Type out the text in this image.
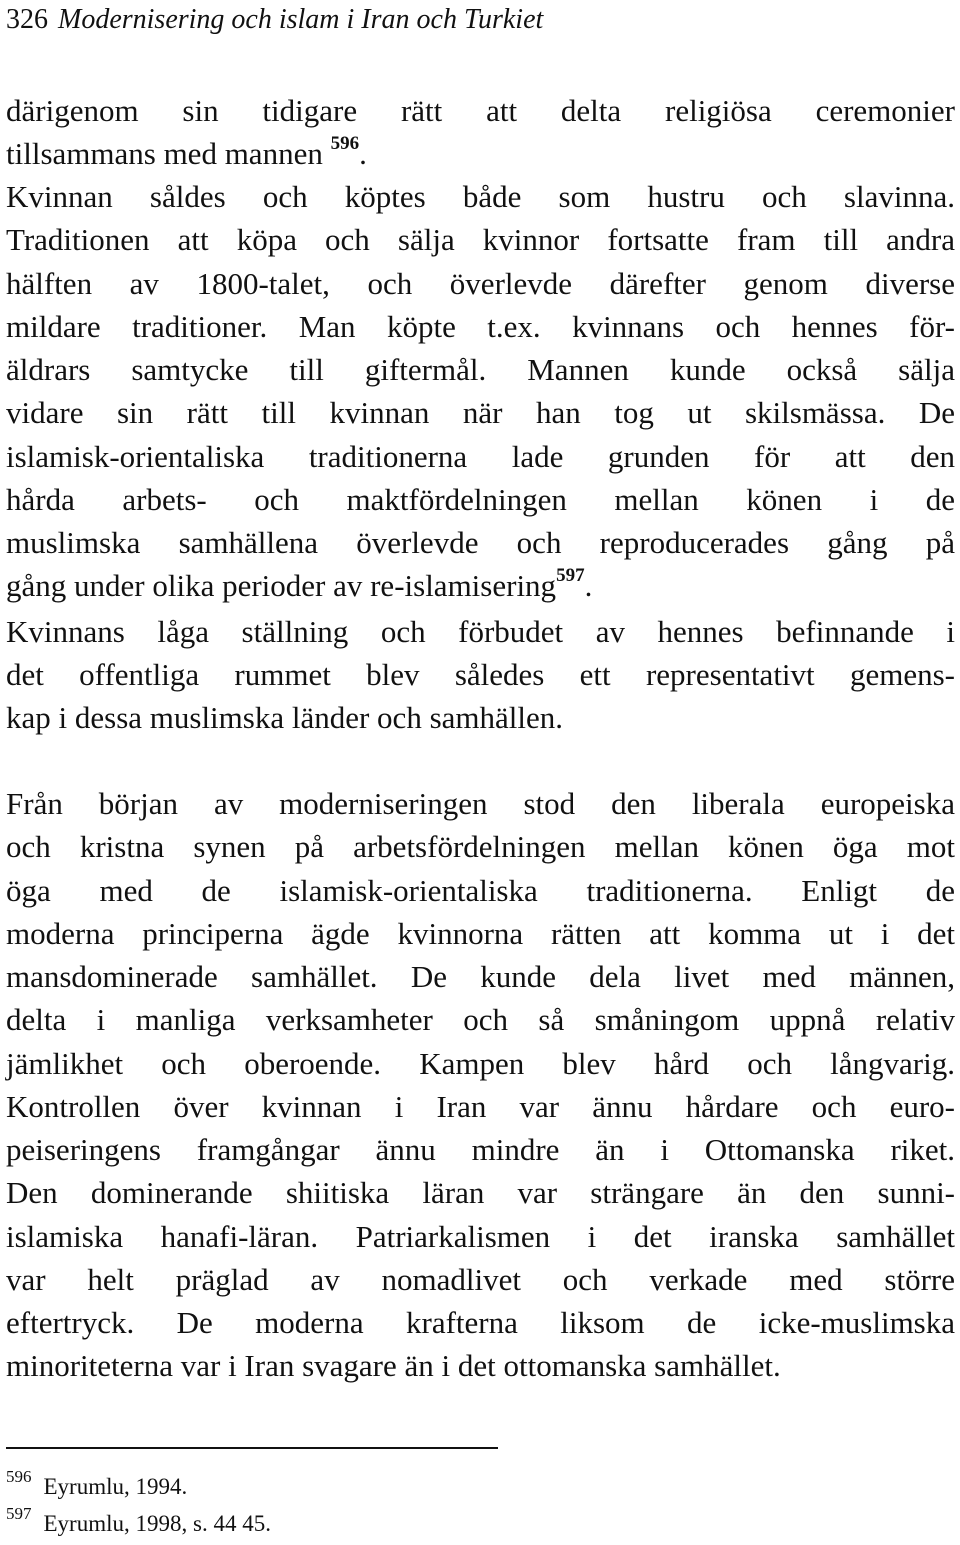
326 Modernisering och islam i Iran och Turkiet
därigenom sin tidigare rätt att delta religiösa ceremonier
tillsammans med mannen $^{596}$.
Kvinnan såldes och köptes både som hustru och slavinna.
Traditionen att köpa och sälja kvinnor fortsatte fram till andra
hälften av 1800-talet, och överlevde därefter genom diverse
mildare traditioner. Man köpte t.ex. kvinnans och hennes för-
äldrars samtycke till giftermål. Mannen kunde också sälja
vidare sin rätt till kvinnan när han tog ut skilsmässa. De
islamisk-orientaliska traditionerna lade grunden för att den
hårda arbets- och maktfördelningen mellan könen i de
muslimska samhällena överlevde och reproducerades gång på
gång under olika perioder av re-islamisering$^{597}$.
Kvinnans låga ställning och förbudet av hennes befinnande i
det offentliga rummet blev således ett representativt gemens-
kap i dessa muslimska länder och samhällen.
Från början av moderniseringen stod den liberala europeiska
och kristna synen på arbetsfördelningen mellan könen öga mot
öga med de islamisk-orientaliska traditionerna. Enligt de
moderna principerna ägde kvinnorna rätten att komma ut i det
mansdominerade samhället. De kunde dela livet med männen,
delta i manliga verksamheter och så småningom uppnå relativ
jämlikhet och oberoende. Kampen blev hård och långvarig.
Kontrollen över kvinnan i Iran var ännu hårdare och euro-
peiseringens framgångar ännu mindre än i Ottomanska riket.
Den dominerande shiitiska läran var strängare än den sunni-
islamiska hanafi-läran. Patriarkalismen i det iranska samhället
var helt präglad av nomadlivet och verkade med större
eftertryck. De moderna krafterna liksom de icke-muslimska
minoriteterna var i Iran svagare än i det ottomanska samhället.
$^{596}$ Eyrumlu, 1994.
$^{597}$ Eyrumlu, 1998, s. 44 45.
